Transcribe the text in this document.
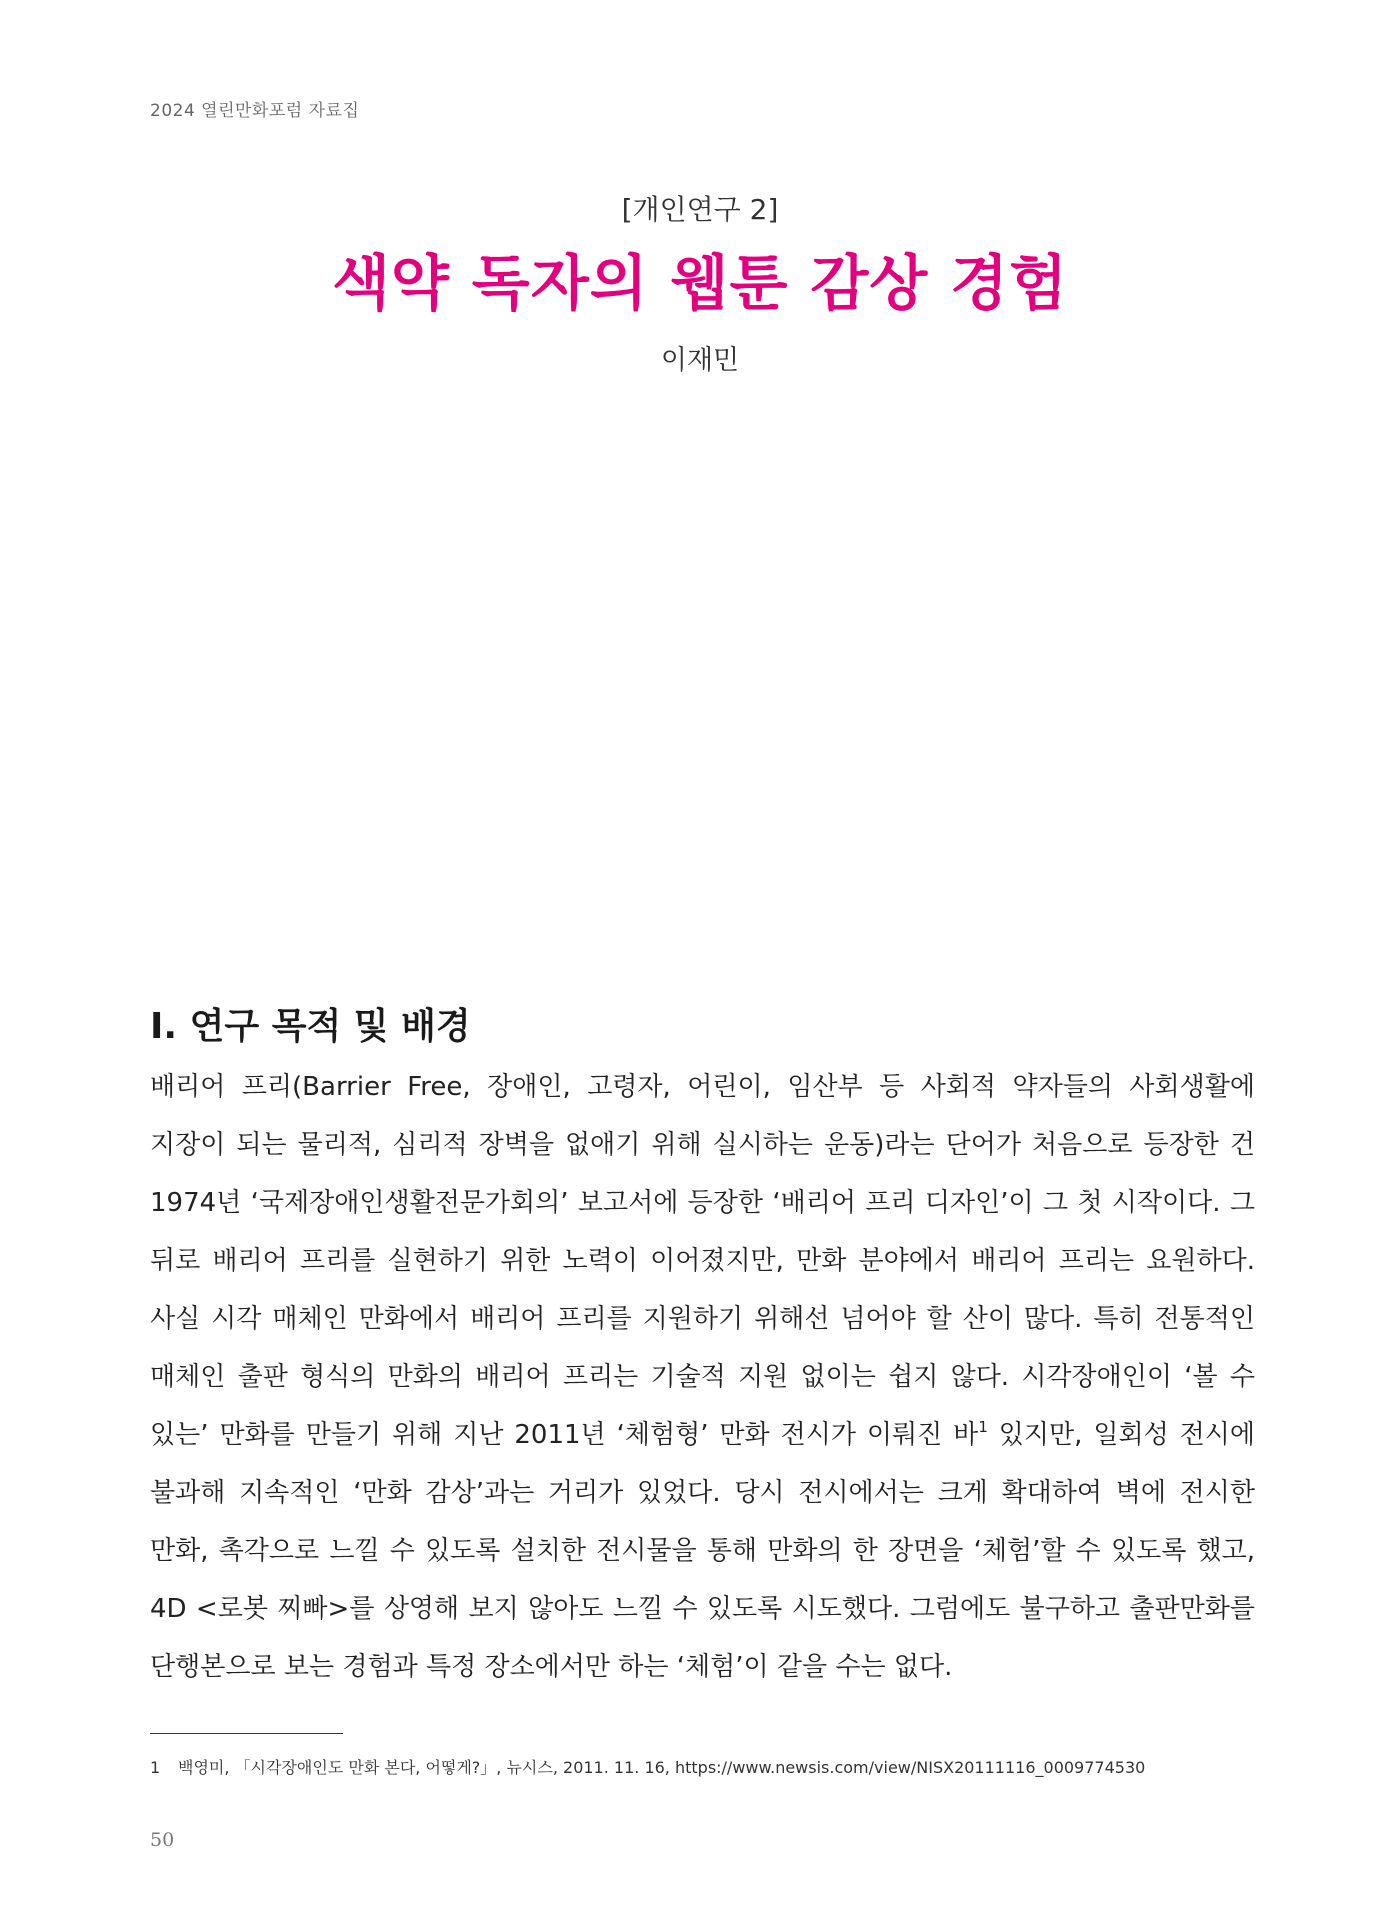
2024 열린만화포럼 자료집
[개인연구 2]
색약 독자의 웹툰 감상 경험
이재민
Ⅰ. 연구 목적 및 배경

배리어 프리(Barrier Free, 장애인, 고령자, 어린이, 임산부 등 사회적 약자들의 사회생활에 지장이 되는 물리적, 심리적 장벽을 없애기 위해 실시하는 운동)라는 단어가 처음으로 등장한 건 1974년 ‘국제장애인생활전문가회의’ 보고서에 등장한 ‘배리어 프리 디자인’이 그 첫 시작이다. 그 뒤로 배리어 프리를 실현하기 위한 노력이 이어졌지만, 만화 분야에서 배리어 프리는 요원하다. 사실 시각 매체인 만화에서 배리어 프리를 지원하기 위해선 넘어야 할 산이 많다. 특히 전통적인 매체인 출판 형식의 만화의 배리어 프리는 기술적 지원 없이는 쉽지 않다. 시각장애인이 ‘볼 수 있는’ 만화를 만들기 위해 지난 2011년 ‘체험형’ 만화 전시가 이뤄진 바$^1$ 있지만, 일회성 전시에 불과해 지속적인 ‘만화 감상’과는 거리가 있었다. 당시 전시에서는 크게 확대하여 벽에 전시한 만화, 촉각으로 느낄 수 있도록 설치한 전시물을 통해 만화의 한 장면을 ‘체험’할 수 있도록 했고, 4D <로봇 찌빠>를 상영해 보지 않아도 느낄 수 있도록 시도했다. 그럼에도 불구하고 출판만화를 단행본으로 보는 경험과 특정 장소에서만 하는 ‘체험’이 같을 수는 없다.

1 백영미, 「시각장애인도 만화 본다, 어떻게?」, 뉴시스, 2011. 11. 16, https://www.newsis.com/view/NISX20111116_0009774530
50
